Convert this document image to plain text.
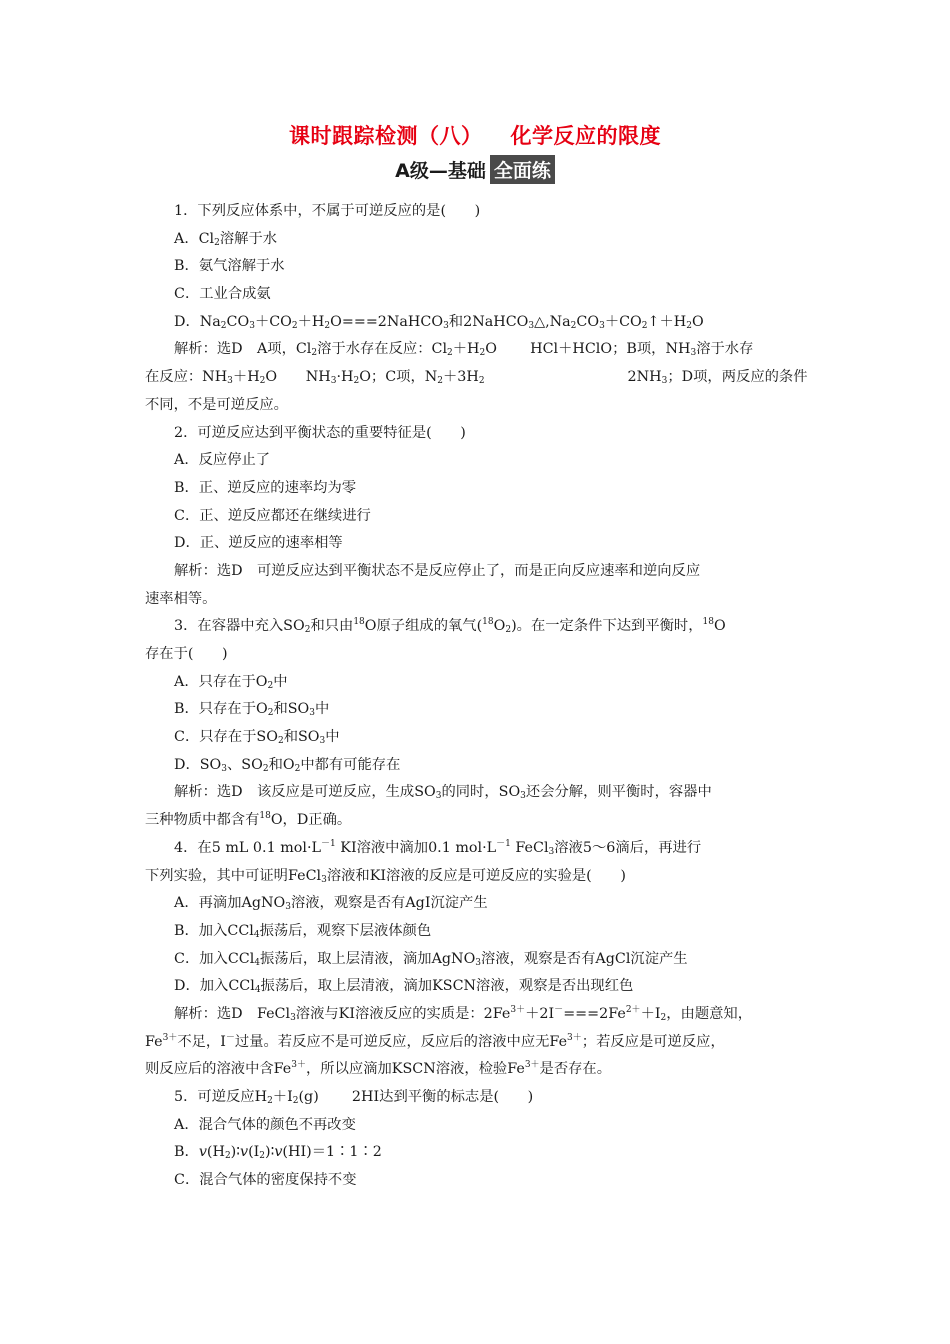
课时跟踪检测（八） 化学反应的限度
A级—基础 全面练
1．下列反应体系中，不属于可逆反应的是(　　)
A．$Cl_2$溶解于水
B．氨气溶解于水
C．工业合成氨
D．$Na_2CO_3+CO_2+H_2O===2NaHCO_3$和$2NaHCO_3\triangle,Na_2CO_3+CO_2↑+H_2O$
解析：选D　A项，$Cl_2$溶于水存在反应：$Cl_2+H_2O$　　 HCl＋HClO；B项，$NH_3$溶于水存
在反应：$NH_3+H_2O$　　$NH_3\cdot H_2O$；C项，$N_2+3H_2$　　　　　　　　　　$2NH_3$；D项，两反应的条件
不同，不是可逆反应。
2．可逆反应达到平衡状态的重要特征是(　　)
A．反应停止了
B．正、逆反应的速率均为零
C．正、逆反应都还在继续进行
D．正、逆反应的速率相等
解析：选D　可逆反应达到平衡状态不是反应停止了，而是正向反应速率和逆向反应
速率相等。
3．在容器中充入$SO_2$和只由$^{18}$O原子组成的氧气$(^{18}O_2)$。在一定条件下达到平衡时，$^{18}$O
存在于(　　)
A．只存在于$O_2$中
B．只存在于$O_2$和$SO_3$中
C．只存在于$SO_2$和$SO_3$中
D．$SO_3$、$SO_2$和$O_2$中都有可能存在
解析：选D　该反应是可逆反应，生成$SO_3$的同时，$SO_3$还会分解，则平衡时，容器中
三种物质中都含有$^{18}$O，D正确。
4．在5 mL 0.1 $mol\cdot L^{-1}$ KI溶液中滴加0.1 $mol\cdot L^{-1}$ FeCl$_3$溶液5～6滴后，再进行
下列实验，其中可证明FeCl$_3$溶液和KI溶液的反应是可逆反应的实验是(　　)
A．再滴加AgNO$_3$溶液，观察是否有AgI沉淀产生
B．加入CCl$_4$振荡后，观察下层液体颜色
C．加入CCl$_4$振荡后，取上层清液，滴加AgNO$_3$溶液，观察是否有AgCl沉淀产生
D．加入CCl$_4$振荡后，取上层清液，滴加KSCN溶液，观察是否出现红色
解析：选D　FeCl$_3$溶液与KI溶液反应的实质是：$2Fe^{3+}+2I^-===2Fe^{2+}+I_2$，由题意知，
$Fe^{3+}$不足，I－过量。若反应不是可逆反应，反应后的溶液中应无$Fe^{3+}$；若反应是可逆反应，
则反应后的溶液中含$Fe^{3+}$，所以应滴加KSCN溶液，检验$Fe^{3+}$是否存在。
5．可逆反应$H_2+I_2(g)$　　 2HI达到平衡的标志是(　　)
A．混合气体的颜色不再改变
B．$v(H_2)∶v(I_2)∶v(HI)=1∶1∶2$
C．混合气体的密度保持不变
